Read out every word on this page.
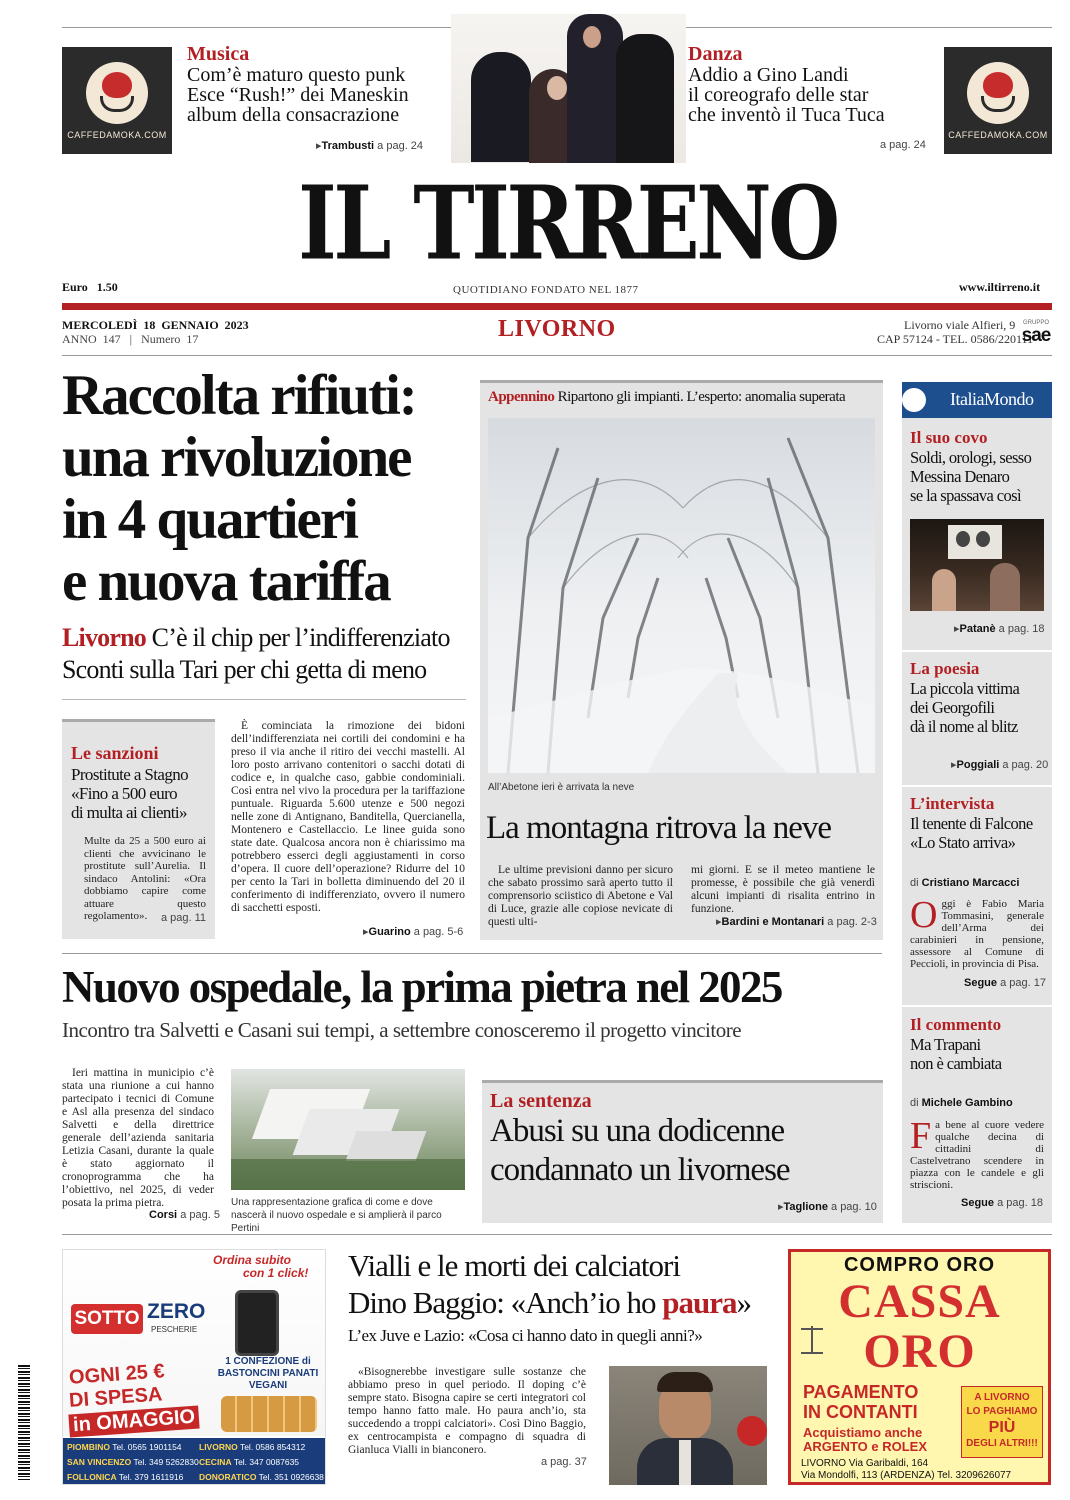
CAFFEDAMOKA.COM
Musica
Com’è maturo questo punk
Esce “Rush!” dei Maneskin
album della consacrazione
▸Trambusti a pag. 24
Danza
Addio a Gino Landi
il coreografo delle star
che inventò il Tuca Tuca
a pag. 24
CAFFEDAMOKA.COM
IL TIRRENO
QUOTIDIANO FONDATO NEL 1877
Euro   1.50	www.iltirreno.it
MERCOLEDÌ  18  GENNAIO  2023
ANNO  147   |   Numero  17	LIVORNO	Livorno viale Alfieri, 9
CAP 57124 - TEL. 0586/220111
GRUPPO
sae
Raccolta rifiuti:
una rivoluzione
in 4 quartieri
e nuova tariffa
Livorno C’è il chip per l’indifferenziato
Sconti sulla Tari per chi getta di meno
Le sanzioni
Prostitute a Stagno
«Fino a 500 euro
di multa ai clienti»
Multe da 25 a 500 euro ai clienti che avvicinano le prostitute sull’Aurelia. Il sindaco Antolini: «Ora dobbiamo capire come attuare questo regolamento».	a pag. 11
È cominciata la rimozione dei bidoni dell’indifferenziata nei cortili dei condomini e ha preso il via anche il ritiro dei vecchi mastelli. Al loro posto arrivano contenitori o sacchi dotati di codice e, in qualche caso, gabbie condominiali. Così entra nel vivo la procedura per la tariffazione puntuale. Riguarda 5.600 utenze e 500 negozi nelle zone di Antignano, Banditella, Quercianella, Montenero e Castellaccio. Le linee guida sono state date. Qualcosa ancora non è chiarissimo ma potrebbero esserci degli aggiustamenti in corso d’opera. Il cuore dell’operazione? Ridurre del 10 per cento la Tari in bolletta diminuendo del 20 il conferimento di indifferenziato, ovvero il numero di sacchetti esposti.
▸Guarino a pag. 5-6
Appennino Ripartono gli impianti. L’esperto: anomalia superata
All’Abetone ieri è arrivata la neve
La montagna ritrova la neve
Le ultime previsioni danno per sicuro che sabato prossimo sarà aperto tutto il comprensorio sciistico di Abetone e Val di Luce, grazie alle copiose nevicate di questi ulti-
mi giorni. E se il meteo mantiene le promesse, è possibile che già venerdì alcuni impianti di risalita entrino in funzione.
▸Bardini e Montanari a pag. 2-3
ItaliaMondo
Il suo covo
Soldi, orologi, sesso
Messina Denaro
se la spassava così
▸Patanè a pag. 18
La poesia
La piccola vittima
dei Georgofili
dà il nome al blitz
▸Poggiali a pag. 20
L’intervista
Il tenente di Falcone
«Lo Stato arriva»
di Cristiano Marcacci
O ggi è Fabio Maria Tommasini, generale dell’Arma dei carabinieri in pensione, assessore al Comune di Peccioli, in provincia di Pisa.
Segue a pag. 17
Il commento
Ma Trapani
non è cambiata
di Michele Gambino
F a bene al cuore vedere qualche decina di cittadini di Castelvetrano scendere in piazza con le candele e gli striscioni.
Segue a pag. 18
Nuovo ospedale, la prima pietra nel 2025
Incontro tra Salvetti e Casani sui tempi, a settembre conosceremo il progetto vincitore
Ieri mattina in municipio c’è stata una riunione a cui hanno partecipato i tecnici di Comune e Asl alla presenza del sindaco Salvetti e della direttrice generale dell’azienda sanitaria Letizia Casani, durante la quale è stato aggiornato il cronoprogramma che ha l’obiettivo, nel 2025, di veder posata la prima pietra.
Corsi a pag. 5
Una rappresentazione grafica di come e dove nascerà il nuovo ospedale e si amplierà il parco Pertini
La sentenza
Abusi su una dodicenne
condannato un livornese
▸Taglione a pag. 10
Ordina subito
con 1 click!
SOTTO ZERO
PESCHERIE
OGNI 25 €
DI SPESA
in OMAGGIO
1 CONFEZIONE di
BASTONCINI PANATI
VEGANI
PIOMBINO Tel. 0565 1901154	LIVORNO Tel. 0586 854312
SAN VINCENZO Tel. 349 5262830 CECINA Tel. 347 0087635
FOLLONICA Tel. 379 1611916	DONORATICO Tel. 351 0926638
Vialli e le morti dei calciatori
Dino Baggio: «Anch’io ho paura»
L’ex Juve e Lazio: «Cosa ci hanno dato in quegli anni?»
«Bisognerebbe investigare sulle sostanze che abbiamo preso in quel periodo. Il doping c’è sempre stato. Bisogna capire se certi integratori col tempo hanno fatto male. Ho paura anch’io, sta succedendo a troppi calciatori». Così Dino Baggio, ex centrocampista e compagno di squadra di Gianluca Vialli in bianconero.
a pag. 37
COMPRO ORO
CASSA
ORO
PAGAMENTO
IN CONTANTI
Acquistiamo anche
ARGENTO e ROLEX
A LIVORNO
LO PAGHIAMO
PIÙ
DEGLI ALTRI!!!
LIVORNO Via Garibaldi, 164
Via Mondolfi, 113 (ARDENZA) Tel. 3209626077
